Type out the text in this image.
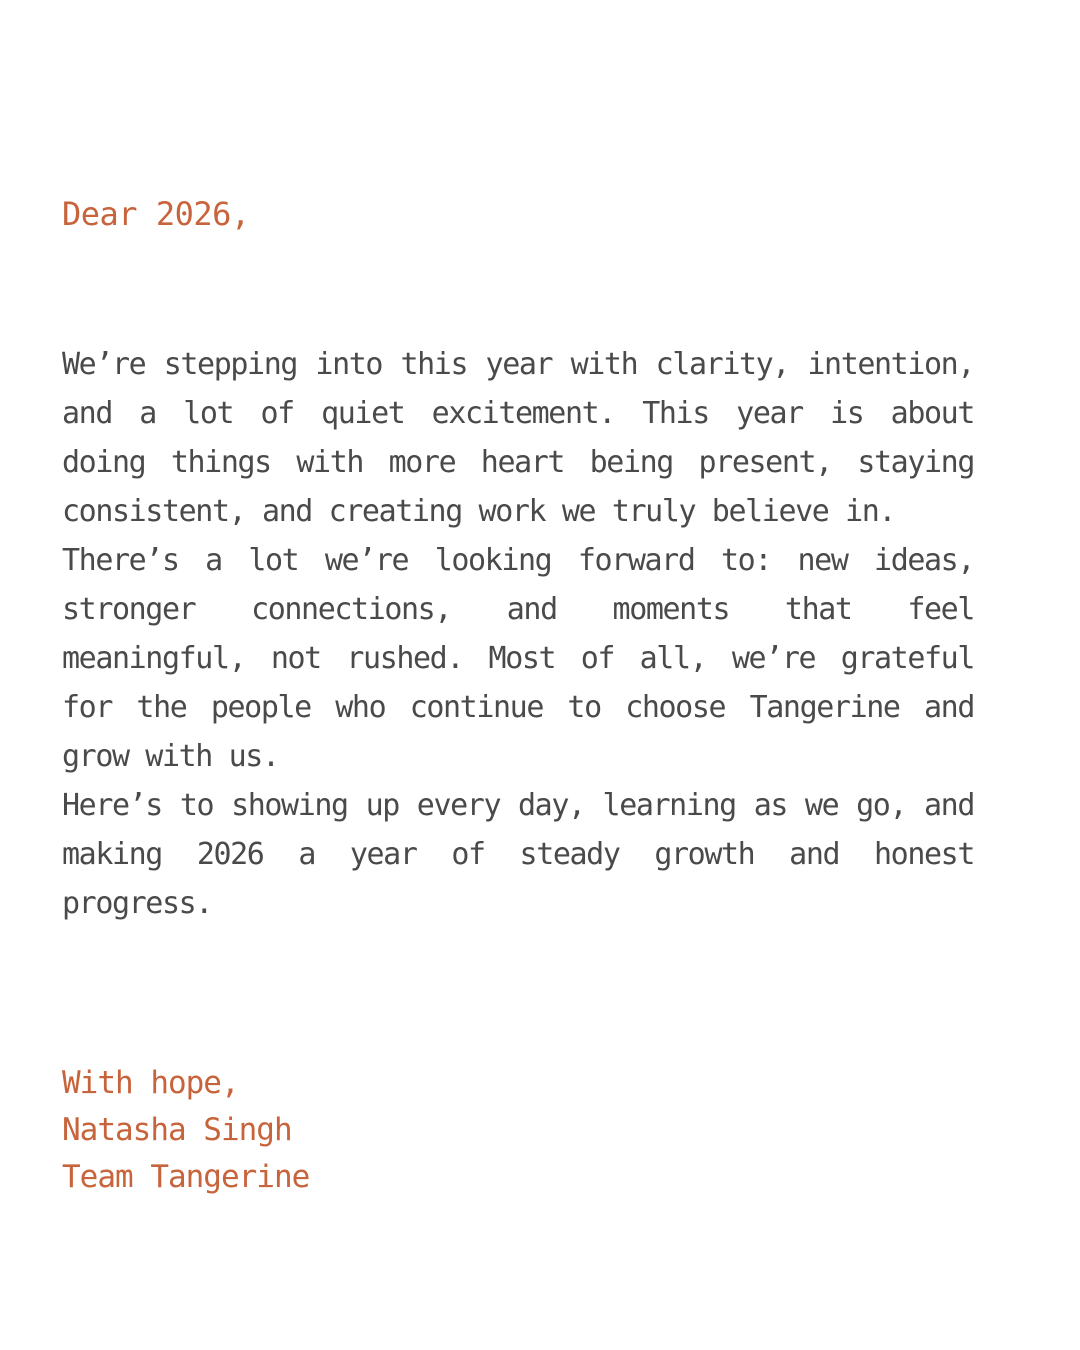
Dear 2026,

We’re stepping into this year with clarity, intention, and a lot of quiet excitement. This year is about doing things with more heart being present, staying consistent, and creating work we truly believe in.

There’s a lot we’re looking forward to: new ideas, stronger connections, and moments that feel meaningful, not rushed. Most of all, we’re grateful for the people who continue to choose Tangerine and grow with us.

Here’s to showing up every day, learning as we go, and making 2026 a year of steady growth and honest progress.

With hope,
Natasha Singh
Team Tangerine
